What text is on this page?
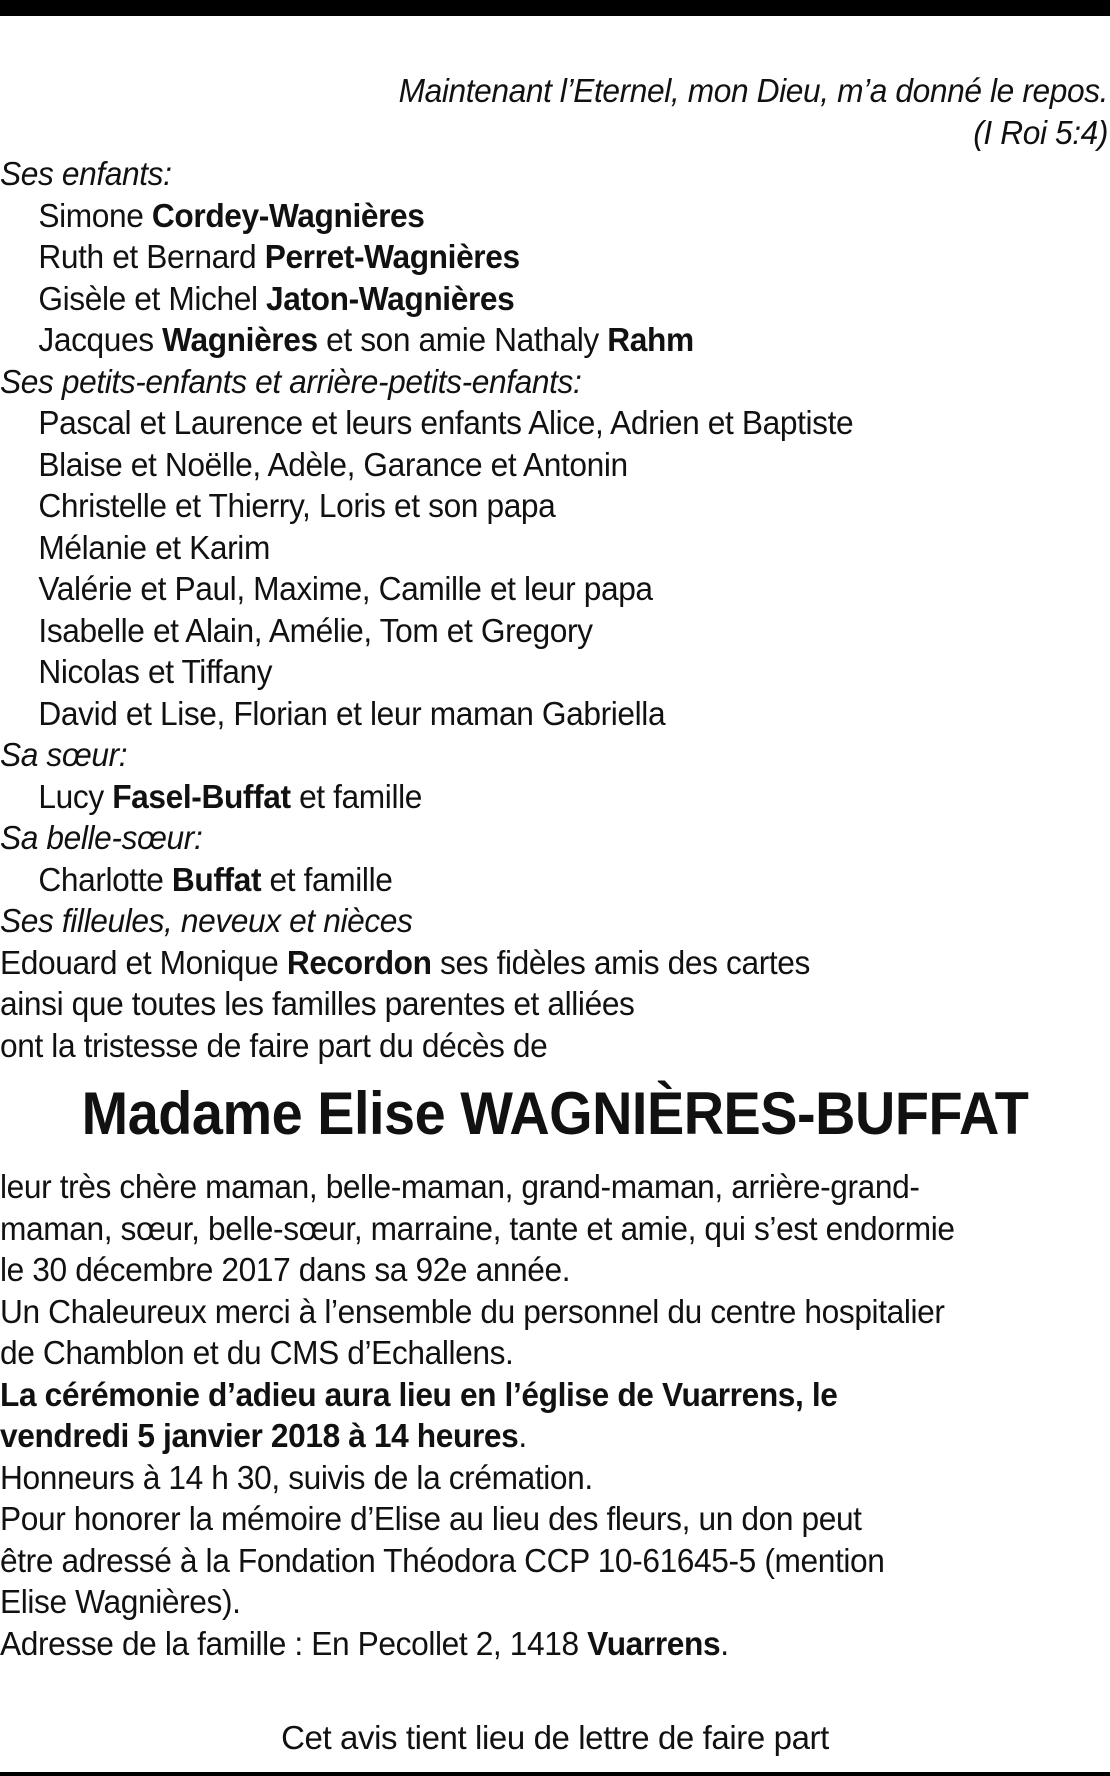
Maintenant l’Eternel, mon Dieu, m’a donné le repos.
(I Roi 5:4)
Ses enfants:
Simone Cordey-Wagnières
Ruth et Bernard Perret-Wagnières
Gisèle et Michel Jaton-Wagnières
Jacques Wagnières et son amie Nathaly Rahm
Ses petits-enfants et arrière-petits-enfants:
Pascal et Laurence et leurs enfants Alice, Adrien et Baptiste
Blaise et Noëlle, Adèle, Garance et Antonin
Christelle et Thierry, Loris et son papa
Mélanie et Karim
Valérie et Paul, Maxime, Camille et leur papa
Isabelle et Alain, Amélie, Tom et Gregory
Nicolas et Tiffany
David et Lise, Florian et leur maman Gabriella
Sa sœur:
Lucy Fasel-Buffat et famille
Sa belle-sœur:
Charlotte Buffat et famille
Ses filleules, neveux et nièces
Edouard et Monique Recordon ses fidèles amis des cartes
ainsi que toutes les familles parentes et alliées
ont la tristesse de faire part du décès de
Madame Elise WAGNIÈRES-BUFFAT
leur très chère maman, belle-maman, grand-maman, arrière-grand-
maman, sœur, belle-sœur, marraine, tante et amie, qui s’est endormie
le 30 décembre 2017 dans sa 92e année.
Un Chaleureux merci à l’ensemble du personnel du centre hospitalier
de Chamblon et du CMS d’Echallens.
La cérémonie d’adieu aura lieu en l’église de Vuarrens, le
vendredi 5 janvier 2018 à 14 heures.
Honneurs à 14 h 30, suivis de la crémation.
Pour honorer la mémoire d’Elise au lieu des fleurs, un don peut
être adressé à la Fondation Théodora CCP 10-61645-5 (mention
Elise Wagnières).
Adresse de la famille : En Pecollet 2, 1418 Vuarrens.
Cet avis tient lieu de lettre de faire part
